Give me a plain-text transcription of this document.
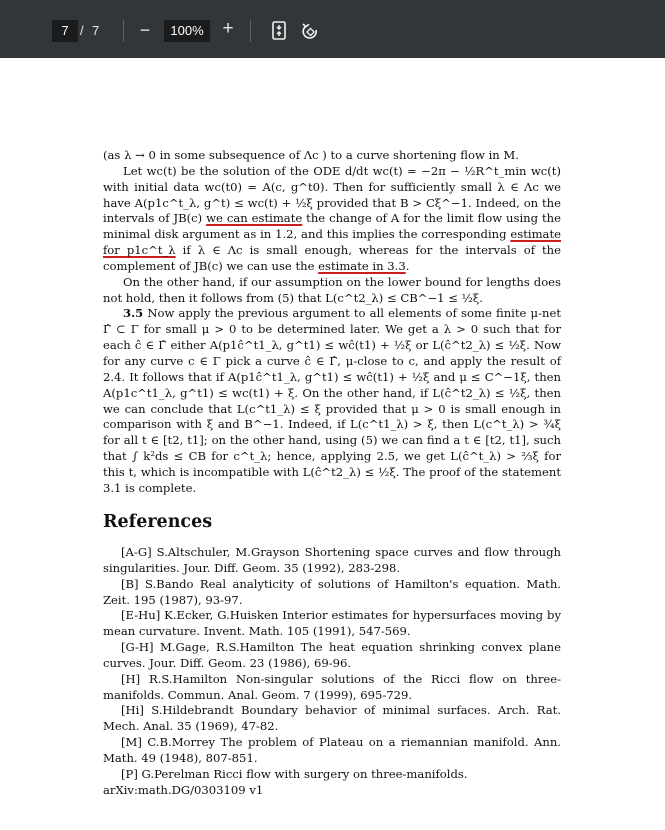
7 / 7 −	100% +

(as λ → 0 in some subsequence of Λc ) to a curve shortening flow in M.

Let wc(t) be the solution of the ODE d/dt wc(t) = −2π − ½R^t_min wc(t) with initial data wc(t0) = A(c, g^t0). Then for sufficiently small λ ∈ Λc we have A(p1c^t_λ, g^t) ≤ wc(t) + ½ξ provided that B > Cξ^−1. Indeed, on the intervals of JB(c) we can estimate the change of A for the limit flow using the minimal disk argument as in 1.2, and this implies the corresponding estimate for p1c^t_λ if λ ∈ Λc is small enough, whereas for the intervals of the complement of JB(c) we can use the estimate in 3.3.

On the other hand, if our assumption on the lower bound for lengths does not hold, then it follows from (5) that L(c^t2_λ) ≤ CB^−1 ≤ ½ξ.

3.5 Now apply the previous argument to all elements of some finite μ-net Γ̂ ⊂ Γ for small μ > 0 to be determined later. We get a λ > 0 such that for each ĉ ∈ Γ̂ either A(p1ĉ^t1_λ, g^t1) ≤ wĉ(t1) + ½ξ or L(ĉ^t2_λ) ≤ ½ξ. Now for any curve c ∈ Γ pick a curve ĉ ∈ Γ̂, μ-close to c, and apply the result of 2.4. It follows that if A(p1ĉ^t1_λ, g^t1) ≤ wĉ(t1) + ½ξ and μ ≤ C^−1ξ, then A(p1c^t1_λ, g^t1) ≤ wc(t1) + ξ. On the other hand, if L(ĉ^t2_λ) ≤ ½ξ, then we can conclude that L(c^t1_λ) ≤ ξ provided that μ > 0 is small enough in comparison with ξ and B^−1. Indeed, if L(c^t1_λ) > ξ, then L(c^t_λ) > ¾ξ for all t ∈ [t2, t1]; on the other hand, using (5) we can find a t ∈ [t2, t1], such that ∫ k²ds ≤ CB for c^t_λ; hence, applying 2.5, we get L(ĉ^t_λ) > ⅔ξ for this t, which is incompatible with L(ĉ^t2_λ) ≤ ½ξ. The proof of the statement 3.1 is complete.

References

[A-G] S.Altschuler, M.Grayson Shortening space curves and flow through singularities. Jour. Diff. Geom. 35 (1992), 283-298.

[B] S.Bando Real analyticity of solutions of Hamilton's equation. Math. Zeit. 195 (1987), 93-97.

[E-Hu] K.Ecker, G.Huisken Interior estimates for hypersurfaces moving by mean curvature. Invent. Math. 105 (1991), 547-569.

[G-H] M.Gage, R.S.Hamilton The heat equation shrinking convex plane curves. Jour. Diff. Geom. 23 (1986), 69-96.

[H] R.S.Hamilton Non-singular solutions of the Ricci flow on three-manifolds. Commun. Anal. Geom. 7 (1999), 695-729.

[Hi] S.Hildebrandt Boundary behavior of minimal surfaces. Arch. Rat. Mech. Anal. 35 (1969), 47-82.

[M] C.B.Morrey The problem of Plateau on a riemannian manifold. Ann. Math. 49 (1948), 807-851.

[P] G.Perelman Ricci flow with surgery on three-manifolds. arXiv:math.DG/0303109 v1
